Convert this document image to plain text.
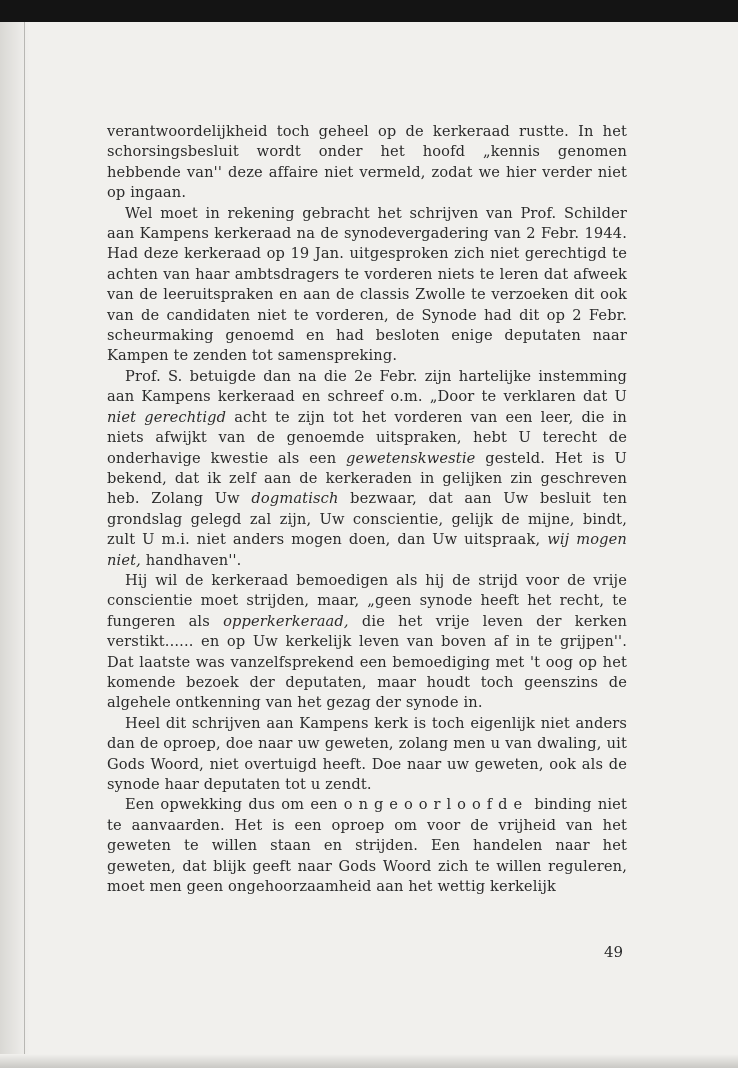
verantwoordelijkheid toch geheel op de kerkeraad rustte. In het schorsingsbesluit wordt onder het hoofd „kennis genomen hebbende van'' deze affaire niet vermeld, zodat we hier verder niet op ingaan.

Wel moet in rekening gebracht het schrijven van Prof. Schilder aan Kampens kerkeraad na de synodevergadering van 2 Febr. 1944. Had deze kerkeraad op 19 Jan. uitgesproken zich niet gerechtigd te achten van haar ambtsdragers te vorderen niets te leren dat afweek van de leeruitspraken en aan de classis Zwolle te verzoeken dit ook van de candidaten niet te vorderen, de Synode had dit op 2 Febr. scheurmaking genoemd en had besloten enige deputaten naar Kampen te zenden tot samenspreking.

Prof. S. betuigde dan na die 2e Febr. zijn hartelijke instemming aan Kampens kerkeraad en schreef o.m. „Door te verklaren dat U niet gerechtigd acht te zijn tot het vorderen van een leer, die in niets afwijkt van de genoemde uitspraken, hebt U terecht de onderhavige kwestie als een gewetenskwestie gesteld. Het is U bekend, dat ik zelf aan de kerkeraden in gelijken zin geschreven heb. Zolang Uw dogmatisch bezwaar, dat aan Uw besluit ten grondslag gelegd zal zijn, Uw conscientie, gelijk de mijne, bindt, zult U m.i. niet anders mogen doen, dan Uw uitspraak, wij mogen niet, handhaven''.

Hij wil de kerkeraad bemoedigen als hij de strijd voor de vrije conscientie moet strijden, maar, „geen synode heeft het recht, te fungeren als opperkerkeraad, die het vrije leven der kerken verstikt...... en op Uw kerkelijk leven van boven af in te grijpen''. Dat laatste was vanzelfsprekend een bemoediging met 't oog op het komende bezoek der deputaten, maar houdt toch geenszins de algehele ontkenning van het gezag der synode in.

Heel dit schrijven aan Kampens kerk is toch eigenlijk niet anders dan de oproep, doe naar uw geweten, zolang men u van dwaling, uit Gods Woord, niet overtuigd heeft. Doe naar uw geweten, ook als de synode haar deputaten tot u zendt.

Een opwekking dus om een ongeoorloofde binding niet te aanvaarden. Het is een oproep om voor de vrijheid van het geweten te willen staan en strijden. Een handelen naar het geweten, dat blijk geeft naar Gods Woord zich te willen reguleren, moet men geen ongehoorzaamheid aan het wettig kerkelijk

49
